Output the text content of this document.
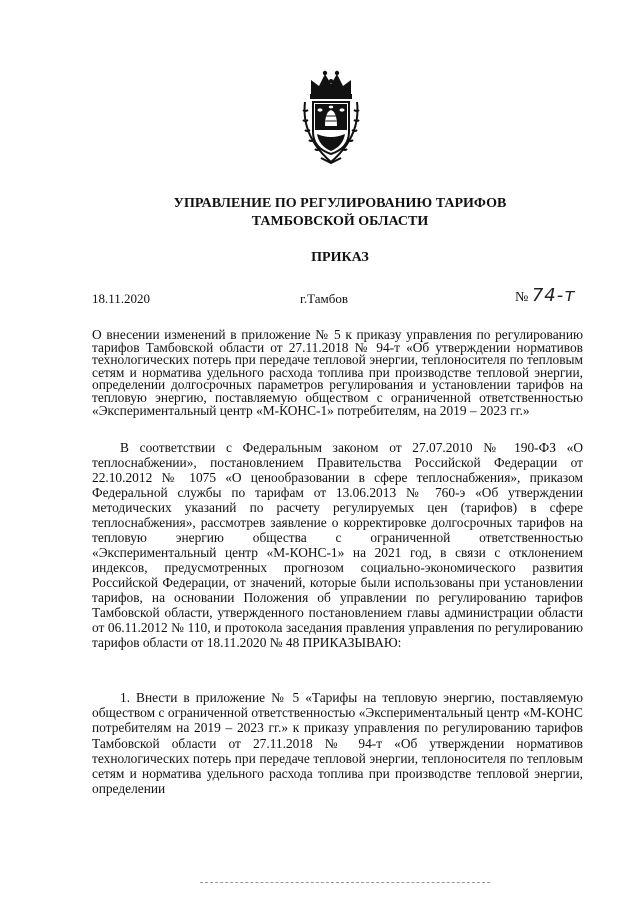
УПРАВЛЕНИЕ ПО РЕГУЛИРОВАНИЮ ТАРИФОВ
ТАМБОВСКОЙ ОБЛАСТИ
ПРИКАЗ
18.11.2020	г.Тамбов	№ 74-т
О внесении изменений в приложение № 5 к приказу управления по регулированию тарифов Тамбовской области от 27.11.2018 № 94-т «Об утверждении нормативов технологических потерь при передаче тепловой энергии, теплоносителя по тепловым сетям и норматива удельного расхода топлива при производстве тепловой энергии, определении долгосрочных параметров регулирования и установлении тарифов на тепловую энергию, поставляемую обществом с ограниченной ответственностью «Экспериментальный центр «М-КОНС-1» потребителям, на 2019 – 2023 гг.»
В соответствии с Федеральным законом от 27.07.2010 № 190-ФЗ «О теплоснабжении», постановлением Правительства Российской Федерации от 22.10.2012 № 1075 «О ценообразовании в сфере теплоснабжения», приказом Федеральной службы по тарифам от 13.06.2013 № 760-э «Об утверждении методических указаний по расчету регулируемых цен (тарифов) в сфере теплоснабжения», рассмотрев заявление о корректировке долгосрочных тарифов на тепловую энергию общества с ограниченной ответственностью «Экспериментальный центр «М-КОНС-1» на 2021 год, в связи с отклонением индексов, предусмотренных прогнозом социально-экономического развития Российской Федерации, от значений, которые были использованы при установлении тарифов, на основании Положения об управлении по регулированию тарифов Тамбовской области, утвержденного постановлением главы администрации области от 06.11.2012 № 110, и протокола заседания правления управления по регулированию тарифов области от 18.11.2020 № 48 ПРИКАЗЫВАЮ:
1. Внести в приложение № 5 «Тарифы на тепловую энергию, поставляемую обществом с ограниченной ответственностью «Экспериментальный центр «М-КОНС потребителям на 2019 – 2023 гг.» к приказу управления по регулированию тарифов Тамбовской области от 27.11.2018 № 94-т «Об утверждении нормативов технологических потерь при передаче тепловой энергии, теплоносителя по тепловым сетям и норматива удельного расхода топлива при производстве тепловой энергии, определении
